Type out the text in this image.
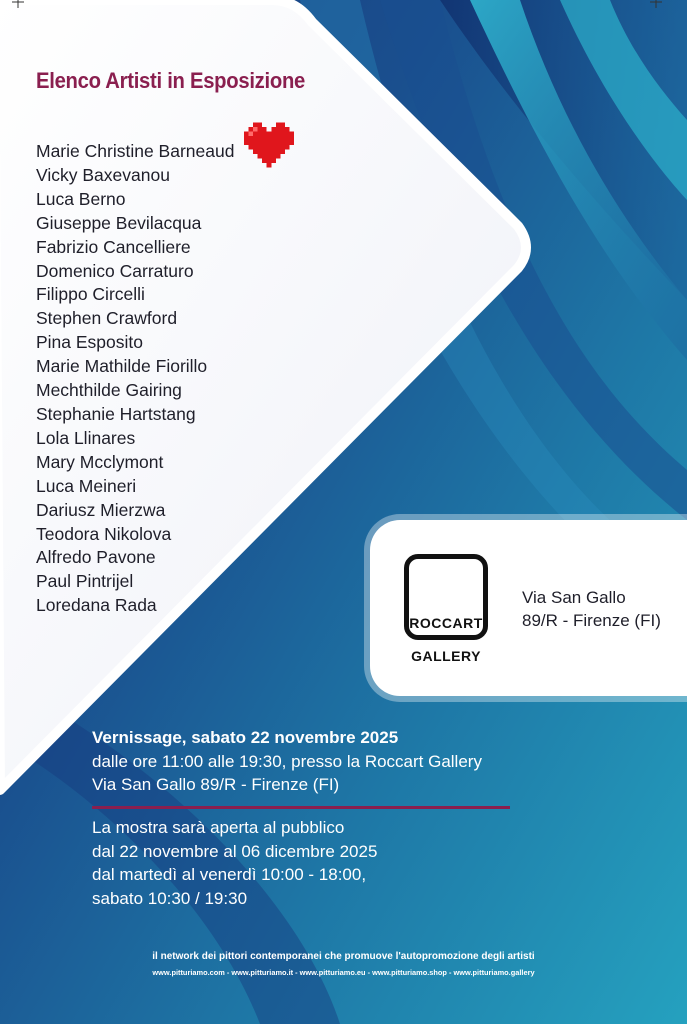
Elenco Artisti in Esposizione
Marie Christine Barneaud
Vicky Baxevanou
Luca Berno
Giuseppe Bevilacqua
Fabrizio Cancelliere
Domenico Carraturo
Filippo Circelli
Stephen Crawford
Pina Esposito
Marie Mathilde Fiorillo
Mechthilde Gairing
Stephanie Hartstang
Lola Llinares
Mary Mcclymont
Luca Meineri
Dariusz Mierzwa
Teodora Nikolova
Alfredo Pavone
Paul Pintrijel
Loredana Rada
ROCCART
GALLERY
Via San Gallo
89/R - Firenze (FI)
Vernissage, sabato 22 novembre 2025
dalle ore 11:00 alle 19:30, presso la Roccart Gallery
Via San Gallo 89/R - Firenze (FI)
La mostra sarà aperta al pubblico
dal 22 novembre al 06 dicembre 2025
dal martedì al venerdì 10:00 - 18:00,
sabato 10:30 / 19:30
il network dei pittori contemporanei che promuove l'autopromozione degli artisti
www.pitturiamo.com - www.pitturiamo.it - www.pitturiamo.eu - www.pitturiamo.shop - www.pitturiamo.gallery
